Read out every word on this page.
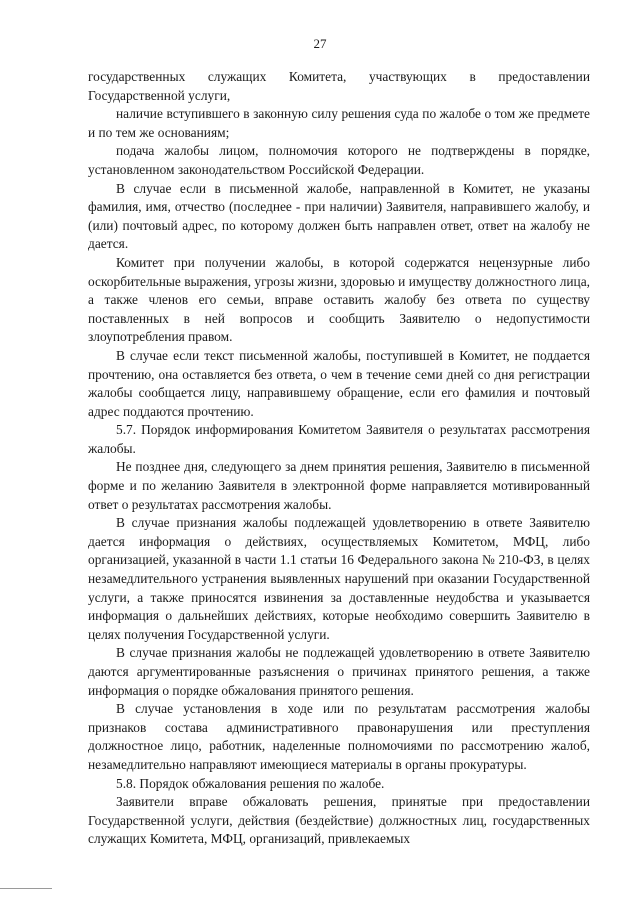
27

государственных служащих Комитета, участвующих в предоставлении Государственной услуги,

наличие вступившего в законную силу решения суда по жалобе о том же предмете и по тем же основаниям;

подача жалобы лицом, полномочия которого не подтверждены в порядке, установленном законодательством Российской Федерации.

В случае если в письменной жалобе, направленной в Комитет, не указаны фамилия, имя, отчество (последнее - при наличии) Заявителя, направившего жалобу, и (или) почтовый адрес, по которому должен быть направлен ответ, ответ на жалобу не дается.

Комитет при получении жалобы, в которой содержатся нецензурные либо оскорбительные выражения, угрозы жизни, здоровью и имуществу должностного лица, а также членов его семьи, вправе оставить жалобу без ответа по существу поставленных в ней вопросов и сообщить Заявителю о недопустимости злоупотребления правом.

В случае если текст письменной жалобы, поступившей в Комитет, не поддается прочтению, она оставляется без ответа, о чем в течение семи дней со дня регистрации жалобы сообщается лицу, направившему обращение, если его фамилия и почтовый адрес поддаются прочтению.

5.7. Порядок информирования Комитетом Заявителя о результатах рассмотрения жалобы.

Не позднее дня, следующего за днем принятия решения, Заявителю в письменной форме и по желанию Заявителя в электронной форме направляется мотивированный ответ о результатах рассмотрения жалобы.

В случае признания жалобы подлежащей удовлетворению в ответе Заявителю дается информация о действиях, осуществляемых Комитетом, МФЦ, либо организацией, указанной в части 1.1 статьи 16 Федерального закона № 210-ФЗ, в целях незамедлительного устранения выявленных нарушений при оказании Государственной услуги, а также приносятся извинения за доставленные неудобства и указывается информация о дальнейших действиях, которые необходимо совершить Заявителю в целях получения Государственной услуги.

В случае признания жалобы не подлежащей удовлетворению в ответе Заявителю даются аргументированные разъяснения о причинах принятого решения, а также информация о порядке обжалования принятого решения.

В случае установления в ходе или по результатам рассмотрения жалобы признаков состава административного правонарушения или преступления должностное лицо, работник, наделенные полномочиями по рассмотрению жалоб, незамедлительно направляют имеющиеся материалы в органы прокуратуры.

5.8. Порядок обжалования решения по жалобе.

Заявители вправе обжаловать решения, принятые при предоставлении Государственной услуги, действия (бездействие) должностных лиц, государственных служащих Комитета, МФЦ, организаций, привлекаемых
